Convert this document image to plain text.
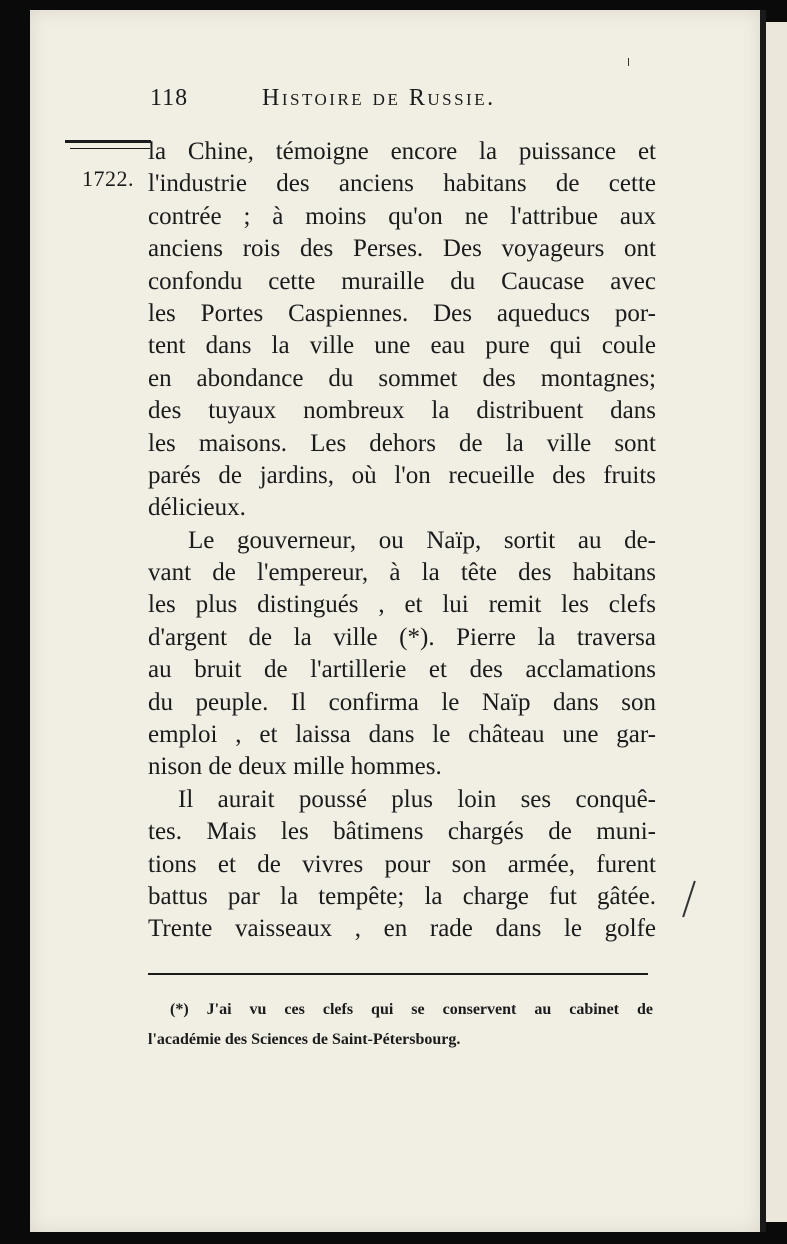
118	Histoire de Russie.
1722.
la Chine, témoigne encore la puissance et
l'industrie des anciens habitans de cette
contrée ; à moins qu'on ne l'attribue aux
anciens rois des Perses. Des voyageurs ont
confondu cette muraille du Caucase avec
les Portes Caspiennes. Des aqueducs por-
tent dans la ville une eau pure qui coule
en abondance du sommet des montagnes;
des tuyaux nombreux la distribuent dans
les maisons. Les dehors de la ville sont
parés de jardins, où l'on recueille des fruits
délicieux.
Le gouverneur, ou Naïp, sortit au de-
vant de l'empereur, à la tête des habitans
les plus distingués , et lui remit les clefs
d'argent de la ville (*). Pierre la traversa
au bruit de l'artillerie et des acclamations
du peuple. Il confirma le Naïp dans son
emploi , et laissa dans le château une gar-
nison de deux mille hommes.
Il aurait poussé plus loin ses conquê-
tes. Mais les bâtimens chargés de muni-
tions et de vivres pour son armée, furent
battus par la tempête; la charge fut gâtée.
Trente vaisseaux , en rade dans le golfe
(*) J'ai vu ces clefs qui se conservent au cabinet de
l'académie des Sciences de Saint-Pétersbourg.
